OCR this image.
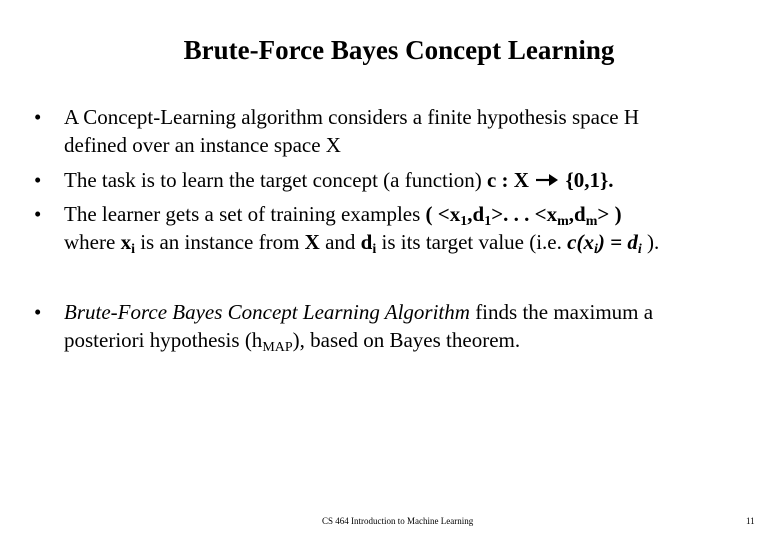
Brute-Force Bayes Concept Learning
• A Concept-Learning algorithm considers a finite hypothesis space H
defined over an instance space X
• The task is to learn the target concept (a function) c : X  {0,1}.
• The learner gets a set of training examples ( $<x_1,d_1>$. . . $<x_m,d_m>$ )
where $x_i$ is an instance from X and $d_i$ is its target value (i.e. $c(x_i) = d_i$ ).
• Brute-Force Bayes Concept Learning Algorithm finds the maximum a
posteriori hypothesis $(h_{MAP})$, based on Bayes theorem.
CS 464 Introduction to Machine Learning	11
